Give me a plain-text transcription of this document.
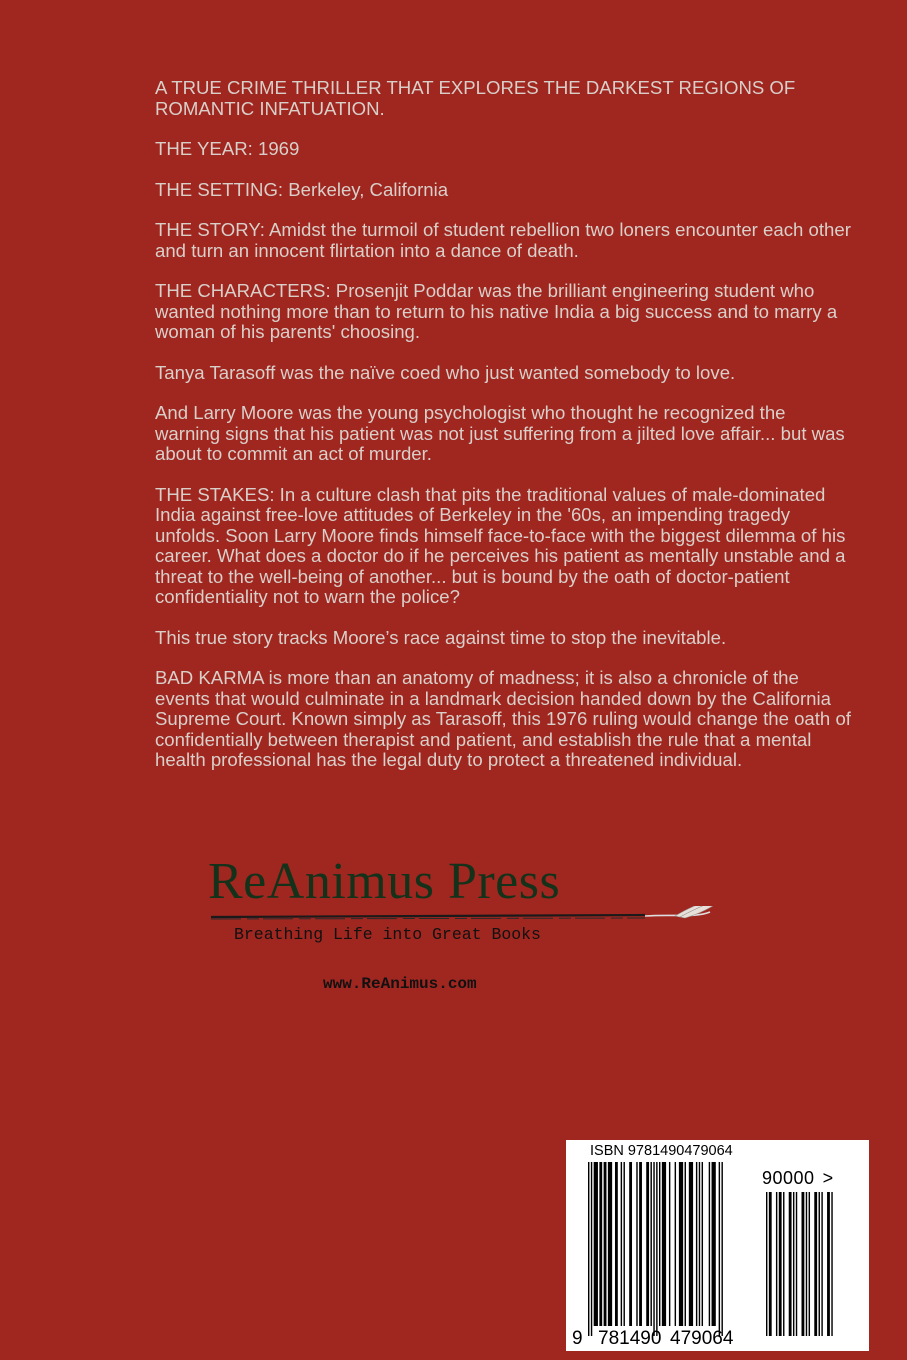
A TRUE CRIME THRILLER THAT EXPLORES THE DARKEST REGIONS OF ROMANTIC INFATUATION.

THE YEAR: 1969

THE SETTING: Berkeley, California

THE STORY: Amidst the turmoil of student rebellion two loners encounter each other and turn an innocent flirtation into a dance of death.

THE CHARACTERS: Prosenjit Poddar was the brilliant engineering student who wanted nothing more than to return to his native India a big success and to marry a woman of his parents' choosing.

Tanya Tarasoff was the naïve coed who just wanted somebody to love.

And Larry Moore was the young psychologist who thought he recognized the warning signs that his patient was not just suffering from a jilted love affair... but was about to commit an act of murder.

THE STAKES: In a culture clash that pits the traditional values of male-dominated India against free-love attitudes of Berkeley in the '60s, an impending tragedy unfolds. Soon Larry Moore finds himself face-to-face with the biggest dilemma of his career. What does a doctor do if he perceives his patient as mentally unstable and a threat to the well-being of another... but is bound by the oath of doctor-patient confidentiality not to warn the police?

This true story tracks Moore’s race against time to stop the inevitable.

BAD KARMA is more than an anatomy of madness; it is also a chronicle of the events that would culminate in a landmark decision handed down by the California Supreme Court. Known simply as Tarasoff, this 1976 ruling would change the oath of confidentially between therapist and patient, and establish the rule that a mental health professional has the legal duty to protect a threatened individual.

ReAnimus Press
Breathing Life into Great Books
www.ReAnimus.com
ISBN 9781490479064
90000 >
9 781490 479064
